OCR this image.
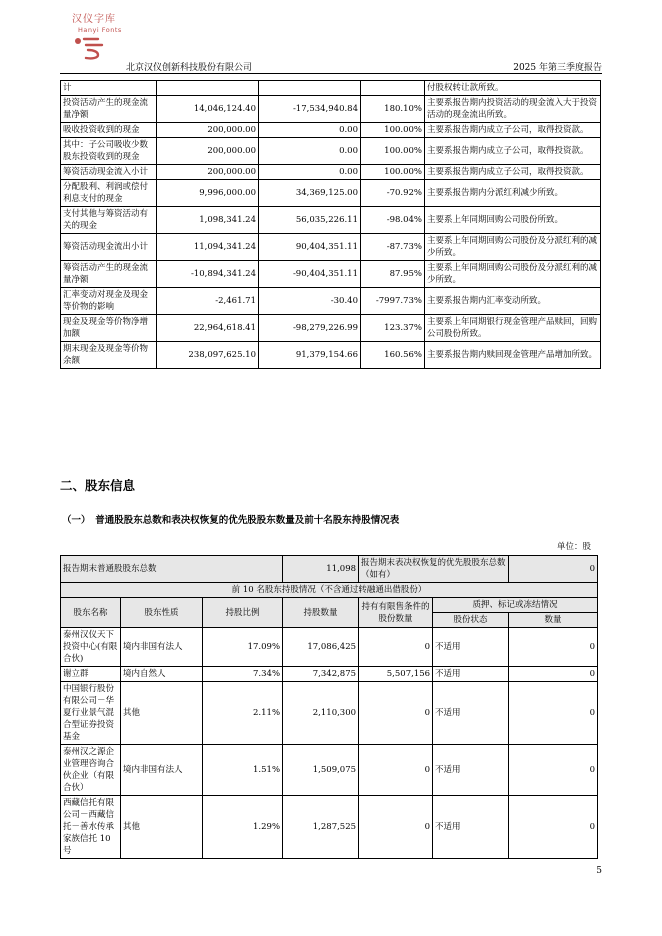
汉仪字库
Hanyi Fonts
北京汉仪创新科技股份有限公司	2025 年第三季度报告
计				付股权转让款所致。
投资活动产生的现金流量净额	14,046,124.40	-17,534,940.84	180.10%	主要系报告期内投资活动的现金流入大于投资活动的现金流出所致。
吸收投资收到的现金	200,000.00	0.00	100.00%	主要系报告期内成立子公司，取得投资款。
其中：子公司吸收少数股东投资收到的现金	200,000.00	0.00	100.00%	主要系报告期内成立子公司，取得投资款。
筹资活动现金流入小计	200,000.00	0.00	100.00%	主要系报告期内成立子公司，取得投资款。
分配股利、利润或偿付利息支付的现金	9,996,000.00	34,369,125.00	-70.92%	主要系报告期内分派红利减少所致。
支付其他与筹资活动有关的现金	1,098,341.24	56,035,226.11	-98.04%	主要系上年同期回购公司股份所致。
筹资活动现金流出小计	11,094,341.24	90,404,351.11	-87.73%	主要系上年同期回购公司股份及分派红利的减少所致。
筹资活动产生的现金流量净额	-10,894,341.24	-90,404,351.11	87.95%	主要系上年同期回购公司股份及分派红利的减少所致。
汇率变动对现金及现金等价物的影响	-2,461.71	-30.40	-7997.73%	主要系报告期内汇率变动所致。
现金及现金等价物净增加额	22,964,618.41	-98,279,226.99	123.37%	主要系上年同期银行现金管理产品赎回，回购公司股份所致。
期末现金及现金等价物余额	238,097,625.10	91,379,154.66	160.56%	主要系报告期内赎回现金管理产品增加所致。
二、股东信息
（一）　普通股股东总数和表决权恢复的优先股股东数量及前十名股东持股情况表
单位：股
报告期末普通股股东总数			11,098	报告期末表决权恢复的优先股股东总数（如有）		0
前 10 名股东持股情况（不含通过转融通出借股份）						
股东名称	股东性质	持股比例	持股数量	持有有限售条件的股份数量	质押、标记或冻结情况	
					股份状态	数量
泰州汉仪天下投资中心(有限合伙)	境内非国有法人	17.09%	17,086,425	0	不适用	0
谢立群	境内自然人	7.34%	7,342,875	5,507,156	不适用	0
中国银行股份有限公司－华夏行业景气混合型证券投资基金	其他	2.11%	2,110,300	0	不适用	0
泰州汉之源企业管理咨询合伙企业（有限合伙）	境内非国有法人	1.51%	1,509,075	0	不适用	0
西藏信托有限公司－西藏信托－善水传承家族信托 10 号	其他	1.29%	1,287,525	0	不适用	0
5
